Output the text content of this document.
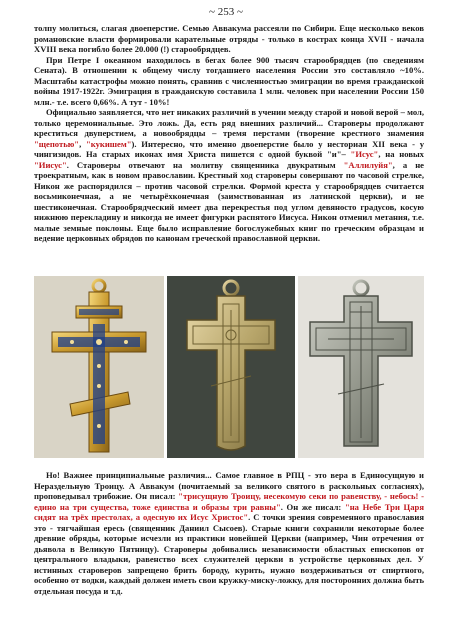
~ 253 ~

толпу молиться, слагая двоеперстие. Семью Аввакума рассеяли по Сибири. Еще несколько веков романовские власти формировали карательные отряды - только в кострах конца XVII - начала XVIII века погибло более 20.000 (!) старообрядцев.

При Петре I океанном находилось в бегах более 900 тысяч старообрядцев (по сведениям Сената). В отношении к общему числу тогдашнего населения России это составляло ~10%. Масштабы катастрофы можно понять, сравнив с численностью эмиграции во время гражданской войны 1917-1922г. Эмиграция в гражданскую составила 1 млн. человек при населении России 150 млн.- т.е. всего 0,66%. А тут - 10%!

Официально заявляется, что нет никаких различий в учении между старой и новой верой – мол, только церемониальные. Это ложь. Да, есть ряд внешних различий... Староверы продолжают креститься двуперстием, а новообрядцы – тремя перстами (творение крестного знамения "щепотью", "кукишем"). Интересно, что именно двоеперстие было у несториан XII века - у чингизидов. На старых иконах имя Христа пишется с одной буквой "и"– "Исус", на новых "Иисус". Староверы отвечают на молитву священника двукратным "Аллилуйя", а не троекратным, как в новом православии. Крестный ход староверы совершают по часовой стрелке, Никон же распорядился – против часовой стрелки. Формой креста у старообрядцев считается восьмиконечная, а не четырёхконечная (заимствованная из латинской церкви), и не шестиконечная. Старообрядческий имеет два перекрестья под углом девяносто градусов, косую нижнюю перекладину и никогда не имеет фигурки распятого Иисуса. Никон отменил метания, т.е. малые земные поклоны. Еще было исправление богослужебных книг по греческим образцам и ведение церковных обрядов по канонам греческой православной церкви.

Но! Важнее принципиальные различия... Самое главное в РПЦ - это вера в Единосущную и Нераздельную Троицу. А Аввакум (почитаемый за великого святого в раскольных согласиях), проповедывал трибожие. Он писал: "трисущную Троицу, несекомую секи по равенству, - небось! - едино на три существа, тоже единства и образы три равны". Он же писал: "на Небе Три Царя сидят на трёх престолах, а одесную их Исус Христос". С точки зрения современного православия это - тягчайшая ересь (священник Даниил Сысоев). Старые книги сохранили некоторые более древние обряды, которые исчезли из практики новейшей Церкви (например, Чин отречения от дьявола в Великую Пятницу). Староверы добивались независимости областных епископов от центрального владыки, равенство всех служителей церкви в устройстве церковных дел. У истинных староверов запрещено брить бороду, курить, нужно воздерживаться от спиртного, особенно от водки, каждый должен иметь свои кружку-миску-ложку, для посторонних должна быть отдельная посуда и т.д.
